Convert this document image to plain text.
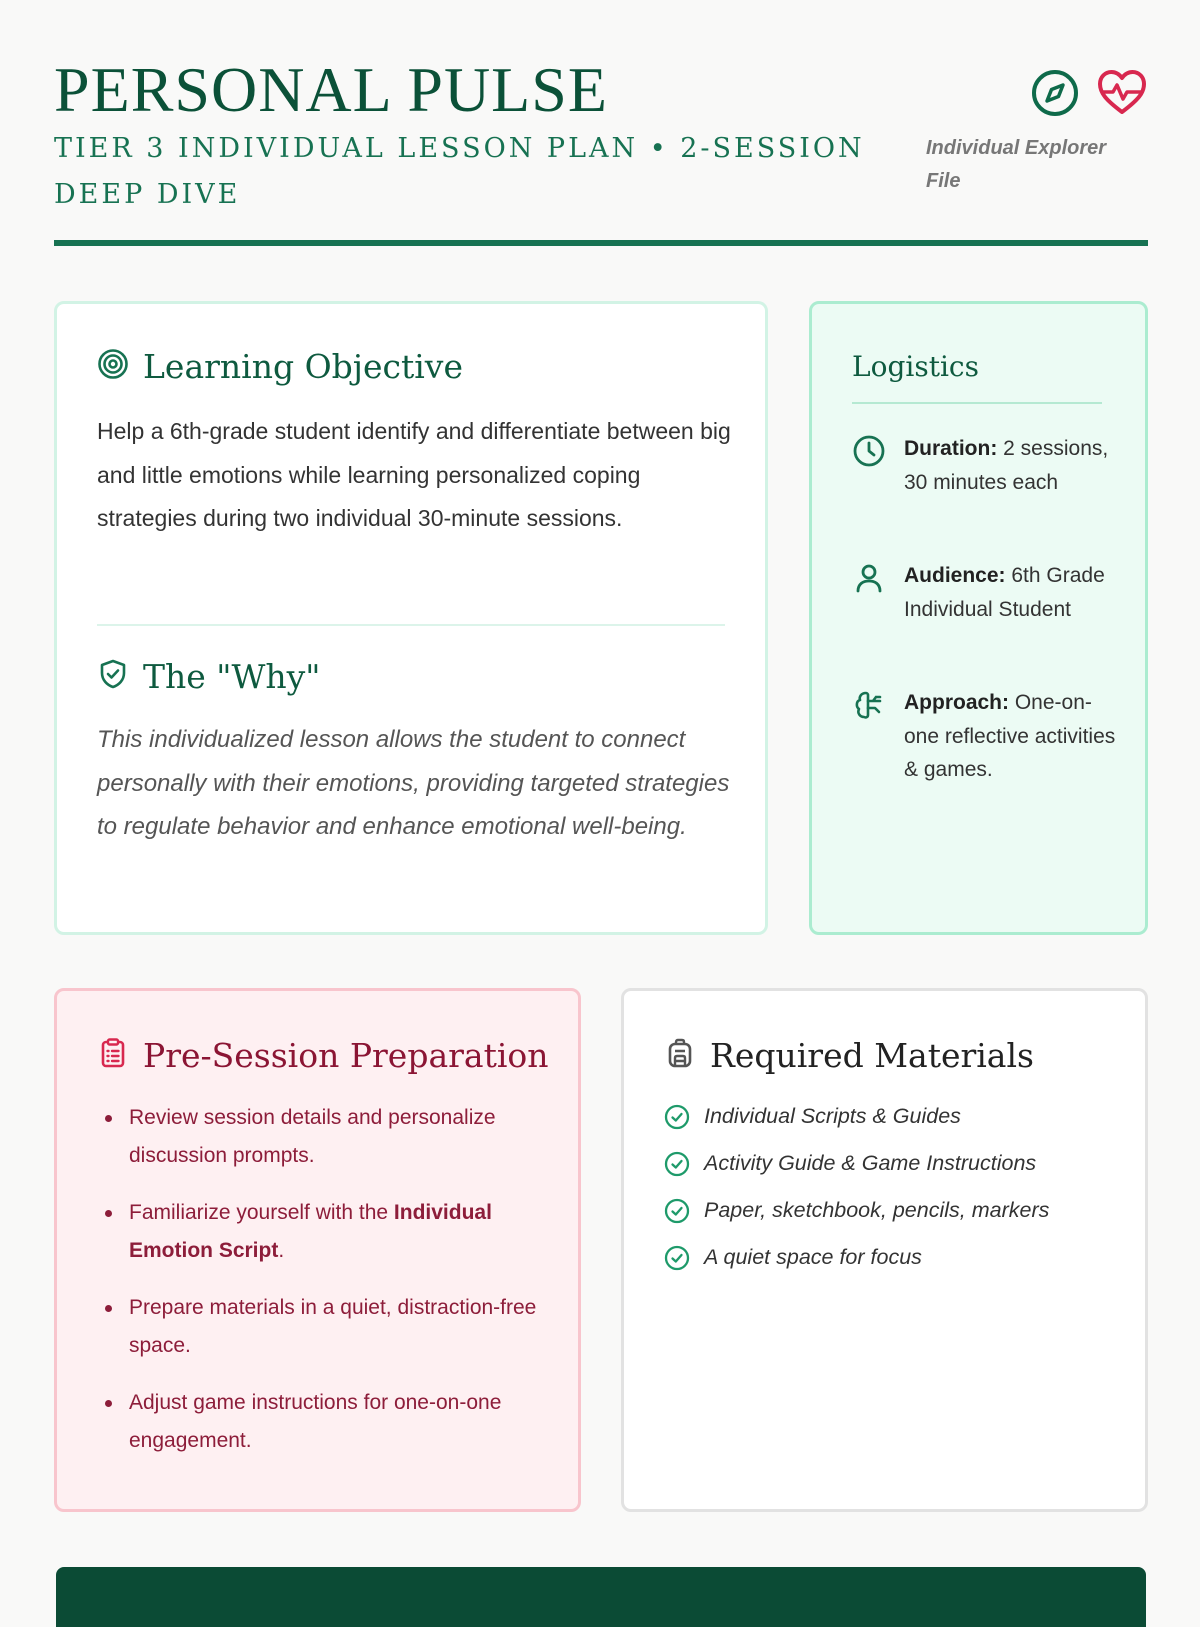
PERSONAL PULSE
TIER 3 INDIVIDUAL LESSON PLAN • 2-SESSION
DEEP DIVE
Individual Explorer
File
Learning Objective

Help a 6th-grade student identify and differentiate between big and little emotions while learning personalized coping strategies during two individual 30-minute sessions.

The "Why"

This individualized lesson allows the student to connect personally with their emotions, providing targeted strategies to regulate behavior and enhance emotional well-being.

Logistics
Duration: 2 sessions, 30 minutes each
Audience: 6th Grade Individual Student
Approach: One-on-one reflective activities & games.
Pre-Session Preparation
Review session details and personalize discussion prompts.
Familiarize yourself with the Individual Emotion Script.
Prepare materials in a quiet, distraction-free space.
Adjust game instructions for one-on-one engagement.
Required Materials
Individual Scripts & Guides
Activity Guide & Game Instructions
Paper, sketchbook, pencils, markers
A quiet space for focus
